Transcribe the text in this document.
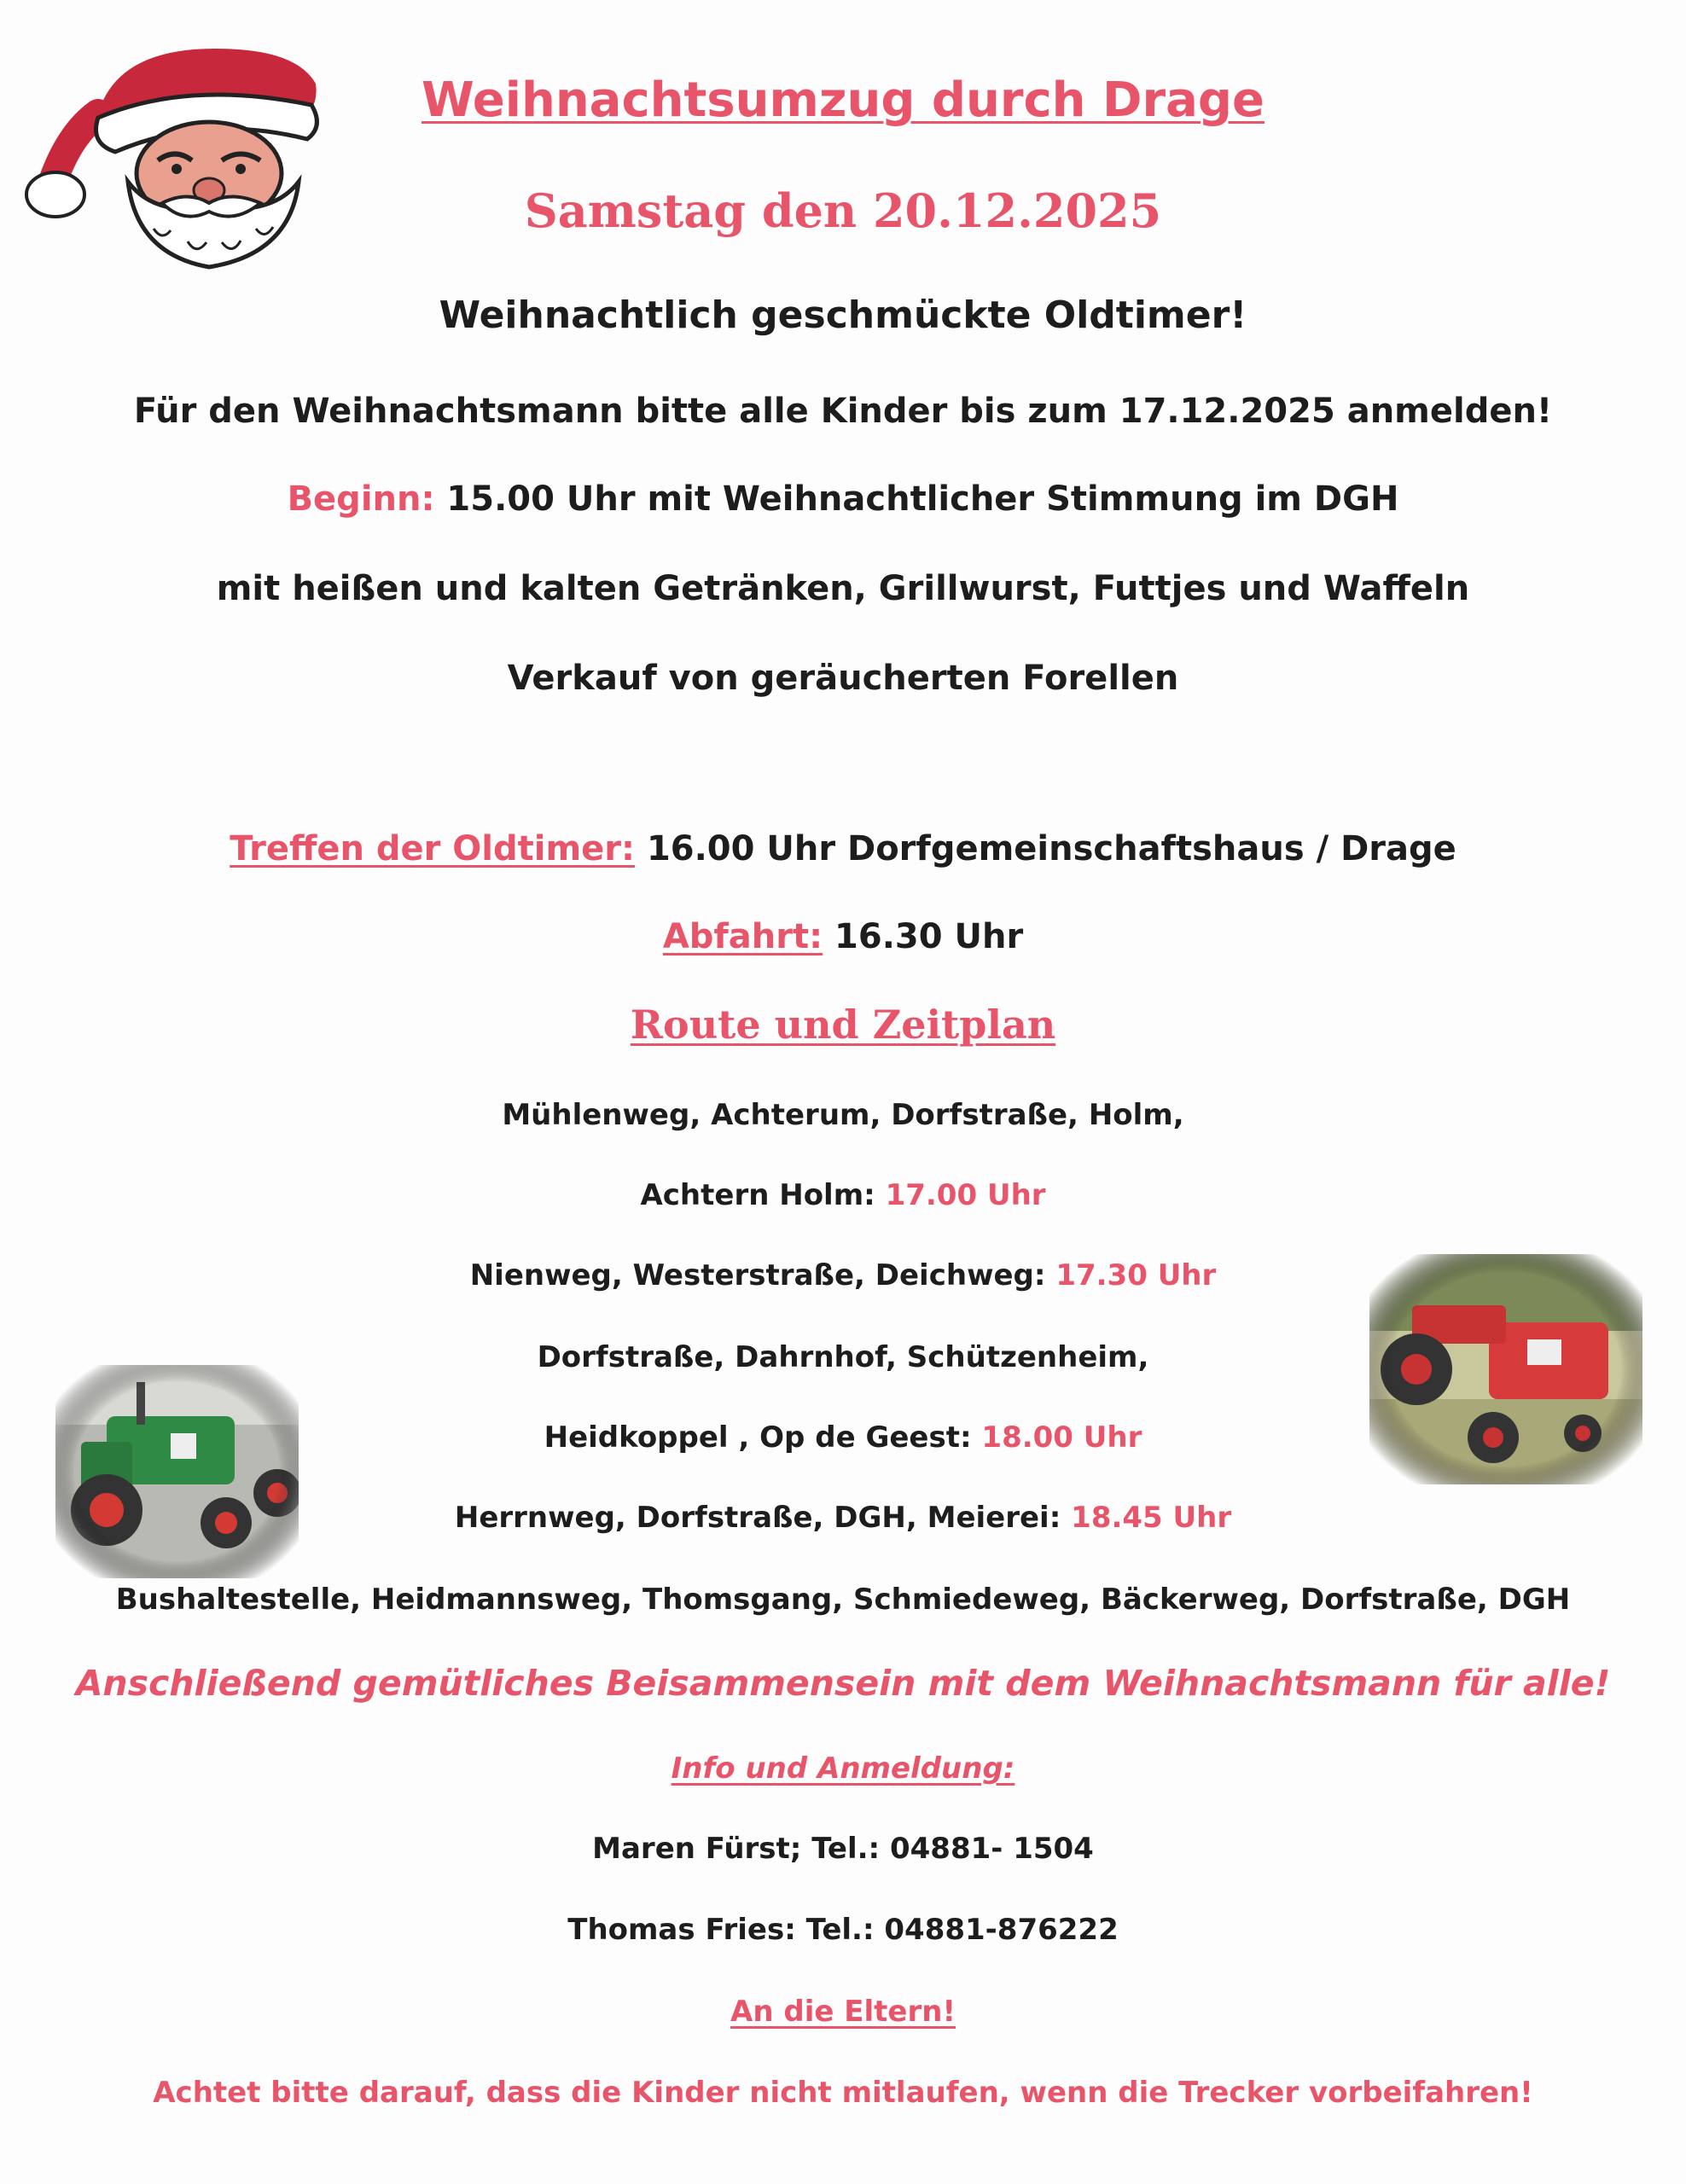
Weihnachtsumzug durch Drage
Samstag den 20.12.2025
Weihnachtlich geschmückte Oldtimer!
Für den Weihnachtsmann bitte alle Kinder bis zum 17.12.2025 anmelden!
Beginn: 15.00 Uhr mit Weihnachtlicher Stimmung im DGH
mit heißen und kalten Getränken, Grillwurst, Futtjes und Waffeln
Verkauf von geräucherten Forellen
Treffen der Oldtimer: 16.00 Uhr Dorfgemeinschaftshaus / Drage
Abfahrt: 16.30 Uhr
Route und Zeitplan
Mühlenweg, Achterum, Dorfstraße, Holm,
Achtern Holm: 17.00 Uhr
Nienweg, Westerstraße, Deichweg: 17.30 Uhr
Dorfstraße, Dahrnhof, Schützenheim,
Heidkoppel , Op de Geest: 18.00 Uhr
Herrnweg, Dorfstraße, DGH, Meierei: 18.45 Uhr
Bushaltestelle, Heidmannsweg, Thomsgang, Schmiedeweg, Bäckerweg, Dorfstraße, DGH
Anschließend gemütliches Beisammensein mit dem Weihnachtsmann für alle!
Info und Anmeldung:
Maren Fürst; Tel.: 04881- 1504
Thomas Fries: Tel.: 04881-876222
An die Eltern!
Achtet bitte darauf, dass die Kinder nicht mitlaufen, wenn die Trecker vorbeifahren!
